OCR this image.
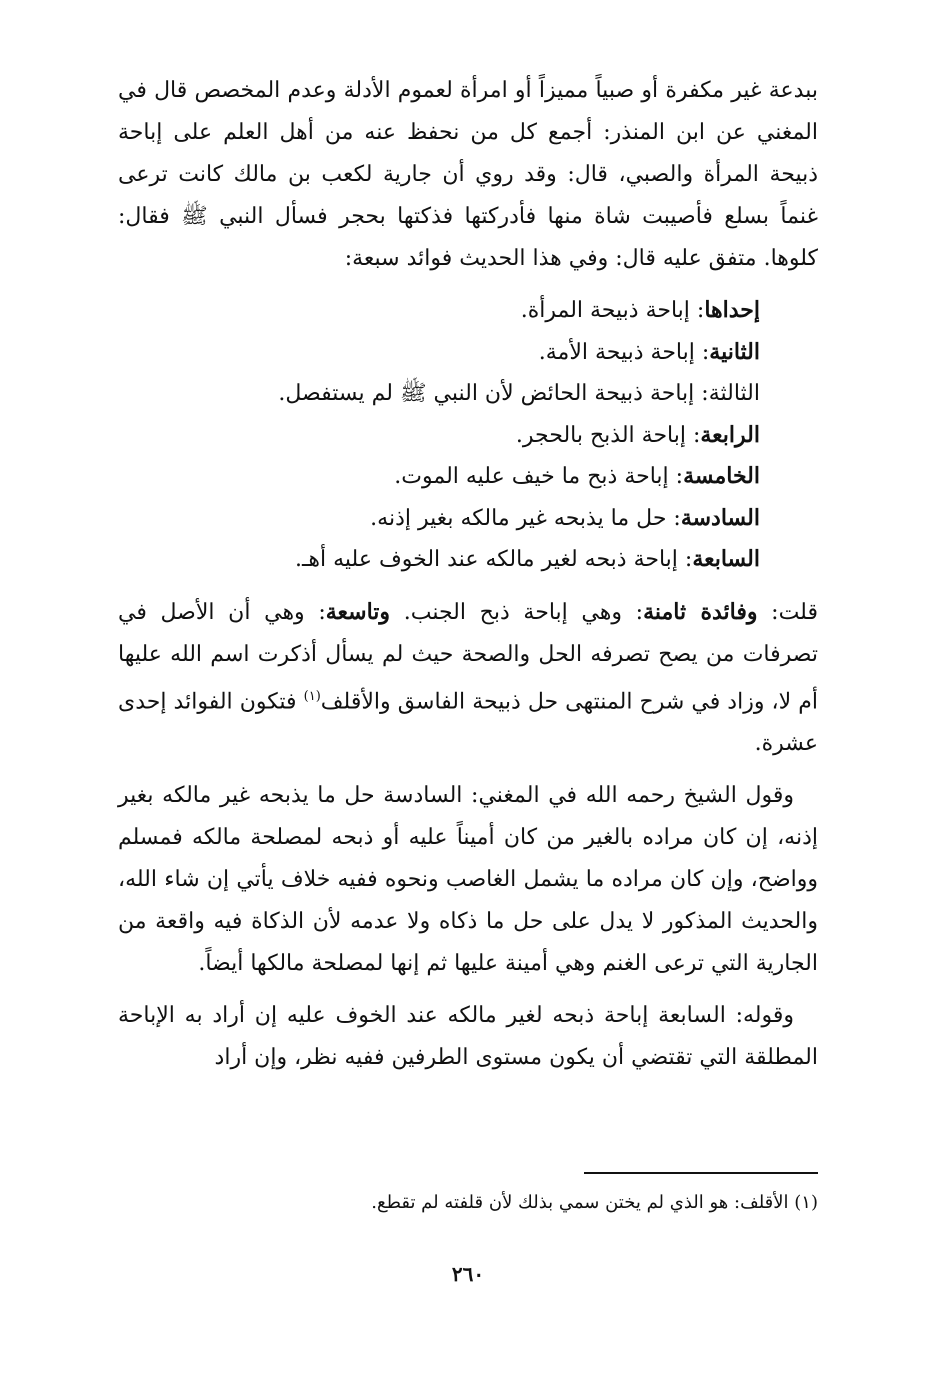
ببدعة غير مكفرة أو صبياً مميزاً أو امرأة لعموم الأدلة وعدم المخصص قال في المغني عن ابن المنذر: أجمع كل من نحفظ عنه من أهل العلم على إباحة ذبيحة المرأة والصبي، قال: وقد روي أن جارية لكعب بن مالك كانت ترعى غنماً بسلع فأصيبت شاة منها فأدركتها فذكتها بحجر فسأل النبي ﷺ فقال: كلوها. متفق عليه قال: وفي هذا الحديث فوائد سبعة:

إحداها: إباحة ذبيحة المرأة.
الثانية: إباحة ذبيحة الأمة.
الثالثة: إباحة ذبيحة الحائض لأن النبي ﷺ لم يستفصل.
الرابعة: إباحة الذبح بالحجر.
الخامسة: إباحة ذبح ما خيف عليه الموت.
السادسة: حل ما يذبحه غير مالكه بغير إذنه.
السابعة: إباحة ذبحه لغير مالكه عند الخوف عليه أهـ.

قلت: وفائدة ثامنة: وهي إباحة ذبح الجنب. وتاسعة: وهي أن الأصل في تصرفات من يصح تصرفه الحل والصحة حيث لم يسأل أذكرت اسم الله عليها أم لا، وزاد في شرح المنتهى حل ذبيحة الفاسق والأقلف$^{(١)}$ فتكون الفوائد إحدى عشرة.

وقول الشيخ رحمه الله في المغني: السادسة حل ما يذبحه غير مالكه بغير إذنه، إن كان مراده بالغير من كان أميناً عليه أو ذبحه لمصلحة مالكه فمسلم وواضح، وإن كان مراده ما يشمل الغاصب ونحوه ففيه خلاف يأتي إن شاء الله، والحديث المذكور لا يدل على حل ما ذكاه ولا عدمه لأن الذكاة فيه واقعة من الجارية التي ترعى الغنم وهي أمينة عليها ثم إنها لمصلحة مالكها أيضاً.

وقوله: السابعة إباحة ذبحه لغير مالكه عند الخوف عليه إن أراد به الإباحة المطلقة التي تقتضي أن يكون مستوى الطرفين ففيه نظر، وإن أراد

(١) الأقلف: هو الذي لم يختن سمي بذلك لأن قلفته لم تقطع.
٢٦٠
